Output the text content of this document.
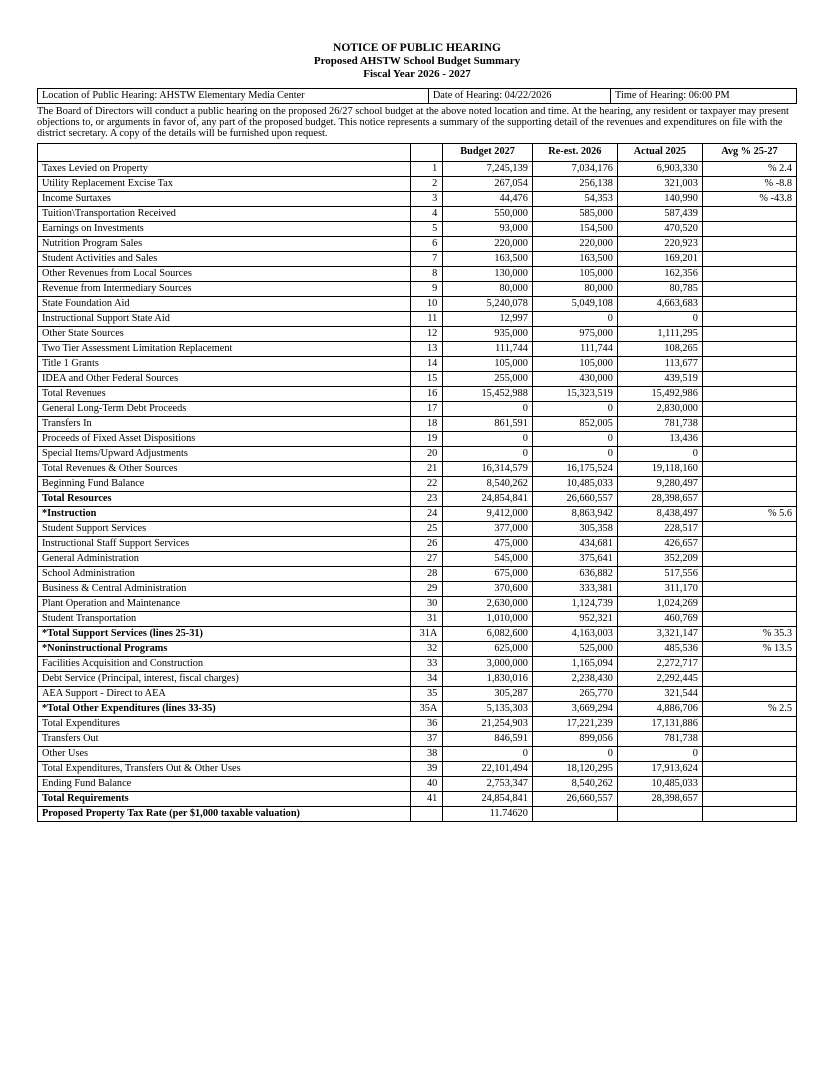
NOTICE OF PUBLIC HEARING
Proposed AHSTW School Budget Summary
Fiscal Year 2026 - 2027
Location of Public Hearing: AHSTW Elementary Media Center	Date of Hearing: 04/22/2026	Time of Hearing: 06:00 PM

The Board of Directors will conduct a public hearing on the proposed 26/27 school budget at the above noted location and time. At the hearing, any resident or taxpayer may present objections to, or arguments in favor of, any part of the proposed budget. This notice represents a summary of the supporting detail of the revenues and expenditures on file with the district secretary. A copy of the details will be furnished upon request.

		Budget 2027	Re-est. 2026	Actual 2025	Avg % 25-27
Taxes Levied on Property	1	7,245,139	7,034,176	6,903,330	% 2.4
Utility Replacement Excise Tax	2	267,054	256,138	321,003	% -8.8
Income Surtaxes	3	44,476	54,353	140,990	% -43.8
Tuition\Transportation Received	4	550,000	585,000	587,439	
Earnings on Investments	5	93,000	154,500	470,520	
Nutrition Program Sales	6	220,000	220,000	220,923	
Student Activities and Sales	7	163,500	163,500	169,201	
Other Revenues from Local Sources	8	130,000	105,000	162,356	
Revenue from Intermediary Sources	9	80,000	80,000	80,785	
State Foundation Aid	10	5,240,078	5,049,108	4,663,683	
Instructional Support State Aid	11	12,997	0	0	
Other State Sources	12	935,000	975,000	1,111,295	
Two Tier Assessment Limitation Replacement	13	111,744	111,744	108,265	
Title 1 Grants	14	105,000	105,000	113,677	
IDEA and Other Federal Sources	15	255,000	430,000	439,519	
Total Revenues	16	15,452,988	15,323,519	15,492,986	
General Long-Term Debt Proceeds	17	0	0	2,830,000	
Transfers In	18	861,591	852,005	781,738	
Proceeds of Fixed Asset Dispositions	19	0	0	13,436	
Special Items/Upward Adjustments	20	0	0	0	
Total Revenues & Other Sources	21	16,314,579	16,175,524	19,118,160	
Beginning Fund Balance	22	8,540,262	10,485,033	9,280,497	
Total Resources	23	24,854,841	26,660,557	28,398,657	
*Instruction	24	9,412,000	8,863,942	8,438,497	% 5.6
Student Support Services	25	377,000	305,358	228,517	
Instructional Staff Support Services	26	475,000	434,681	426,657	
General Administration	27	545,000	375,641	352,209	
School Administration	28	675,000	636,882	517,556	
Business & Central Administration	29	370,600	333,381	311,170	
Plant Operation and Maintenance	30	2,630,000	1,124,739	1,024,269	
Student Transportation	31	1,010,000	952,321	460,769	
*Total Support Services (lines 25-31)	31A	6,082,600	4,163,003	3,321,147	% 35.3
*Noninstructional Programs	32	625,000	525,000	485,536	% 13.5
Facilities Acquisition and Construction	33	3,000,000	1,165,094	2,272,717	
Debt Service (Principal, interest, fiscal charges)	34	1,830,016	2,238,430	2,292,445	
AEA Support - Direct to AEA	35	305,287	265,770	321,544	
*Total Other Expenditures (lines 33-35)	35A	5,135,303	3,669,294	4,886,706	% 2.5
Total Expenditures	36	21,254,903	17,221,239	17,131,886	
Transfers Out	37	846,591	899,056	781,738	
Other Uses	38	0	0	0	
Total Expenditures, Transfers Out & Other Uses	39	22,101,494	18,120,295	17,913,624	
Ending Fund Balance	40	2,753,347	8,540,262	10,485,033	
Total Requirements	41	24,854,841	26,660,557	28,398,657	
Proposed Property Tax Rate (per $1,000 taxable valuation)		11.74620			
